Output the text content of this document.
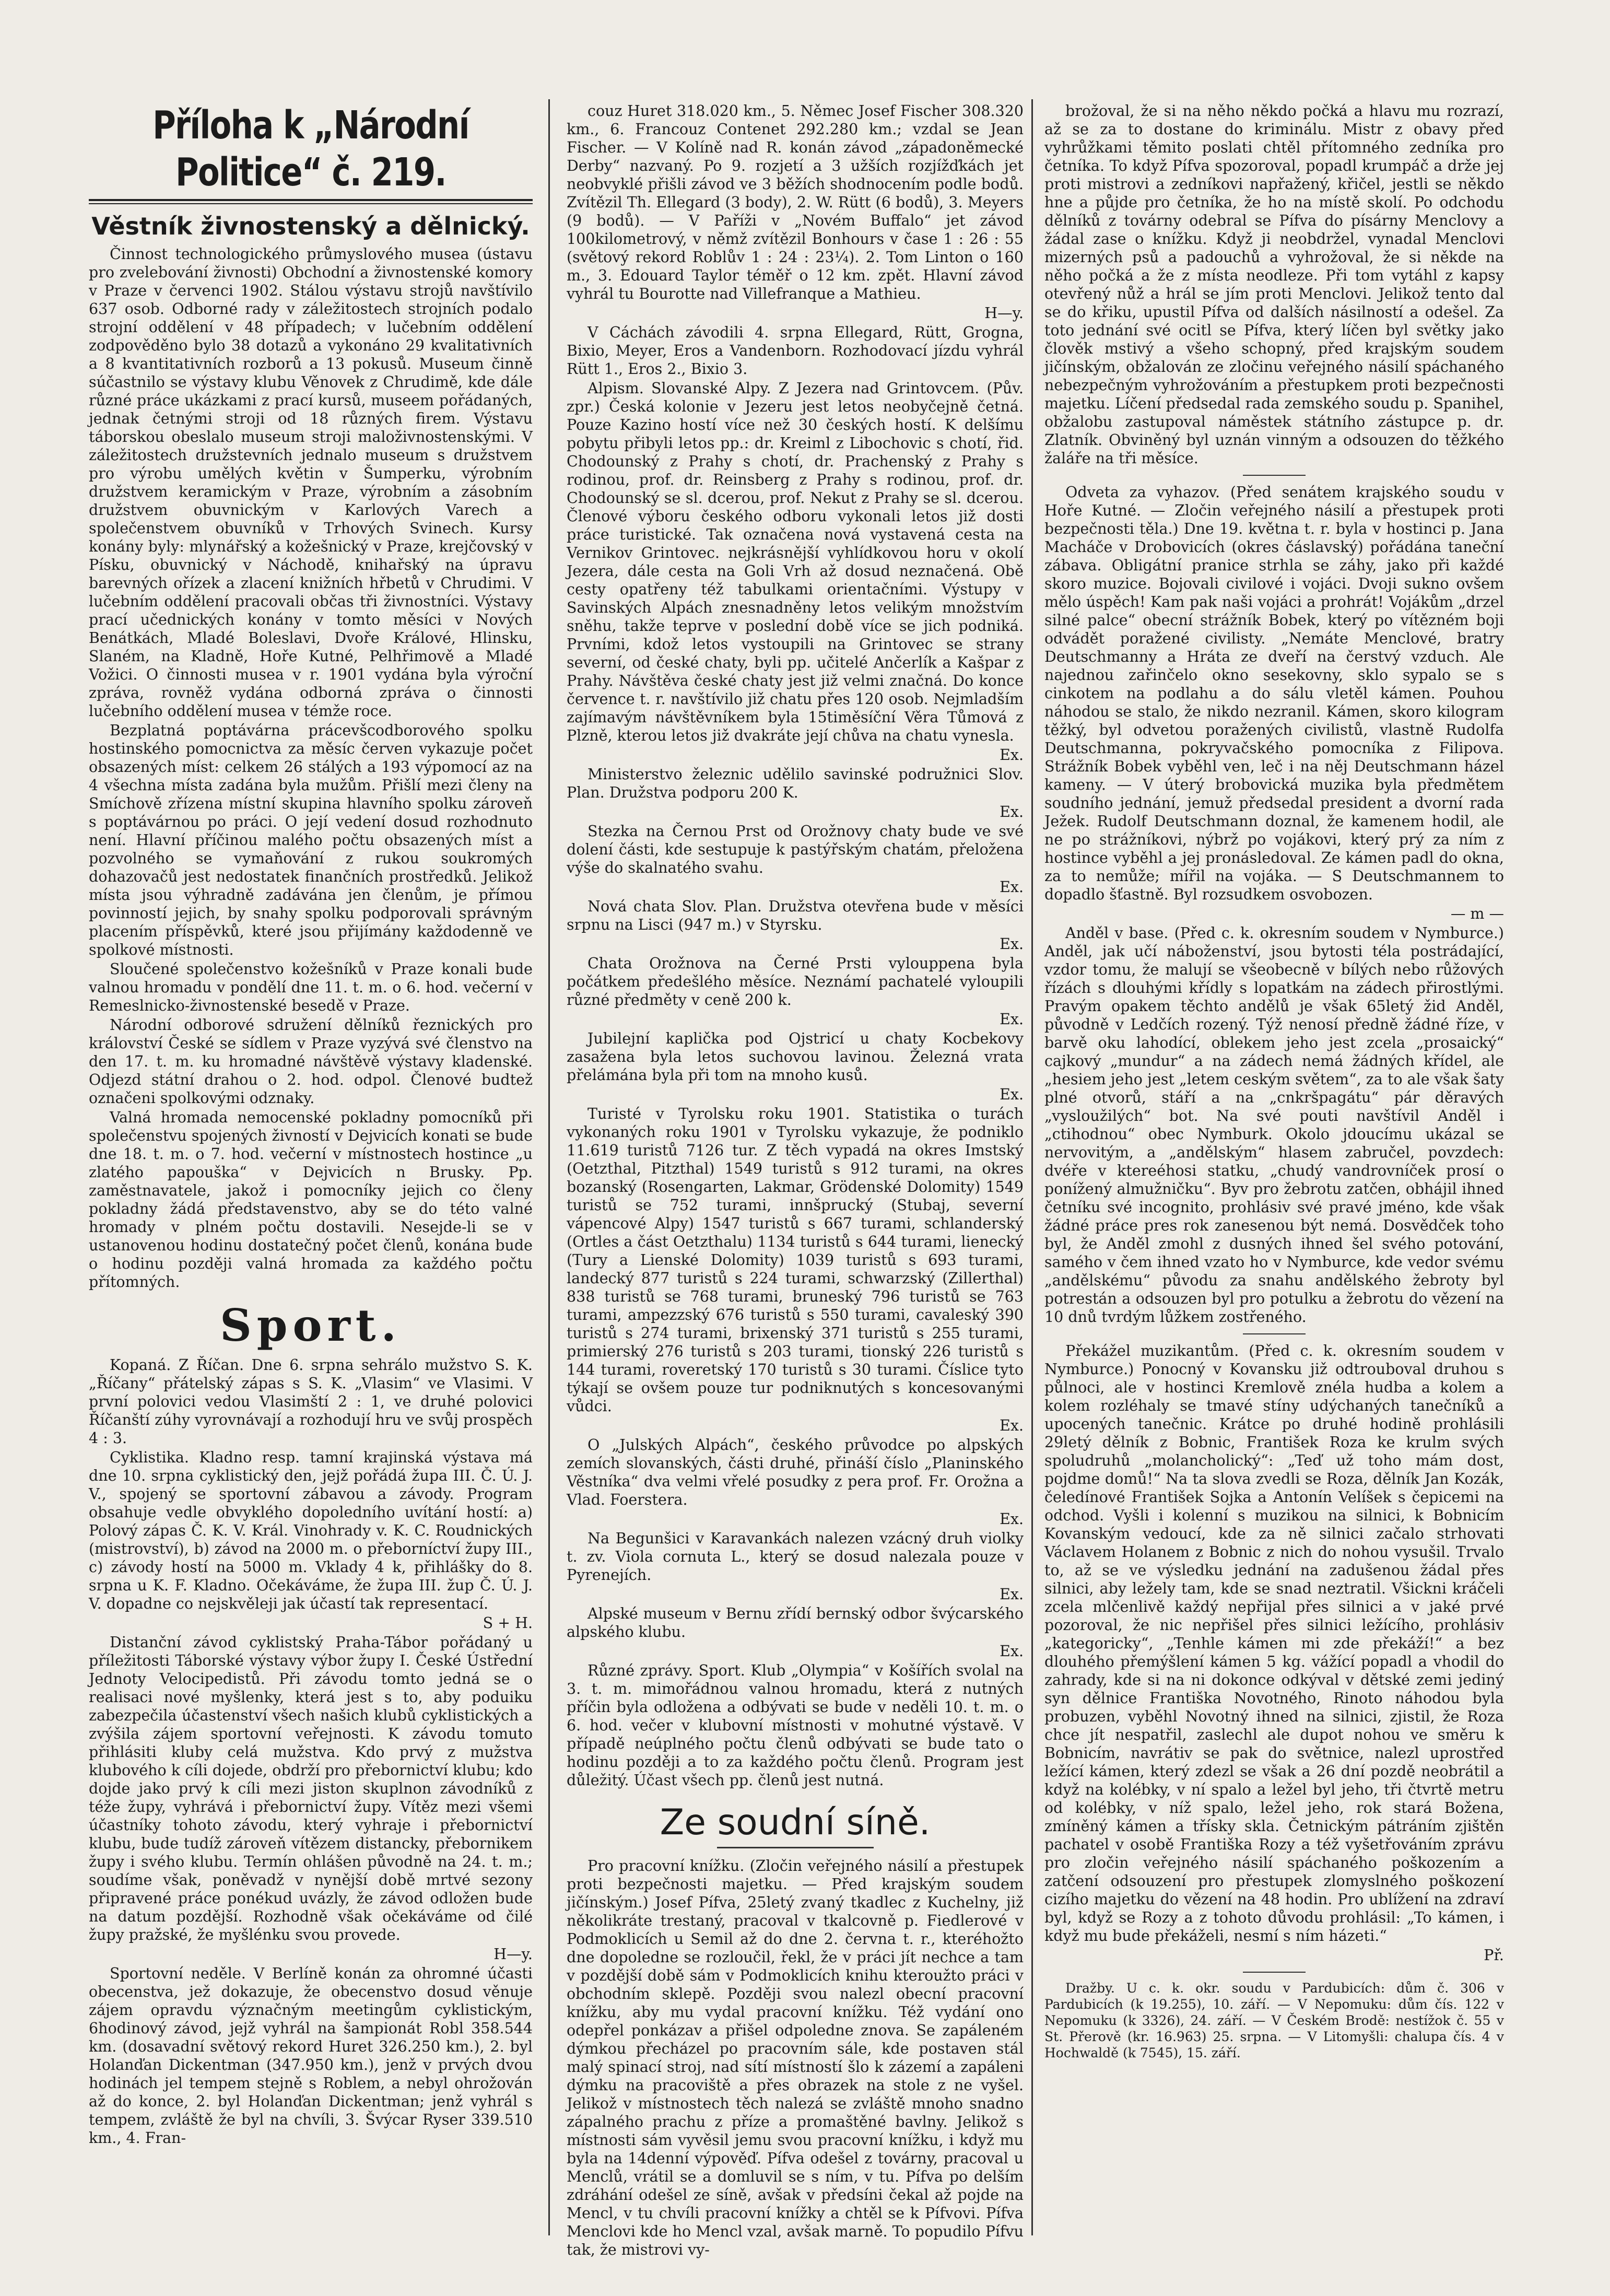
Příloha k „Národní Politice“ č. 219.
Věstník živnostenský a dělnický.

Činnost technologického průmyslového musea (ústavu pro zvelebování živnosti) Obchodní a živnostenské komory v Praze v červenci 1902. Stálou výstavu strojů navštívilo 637 osob. Odborné rady v záležitostech strojních podalo strojní oddělení v 48 případech; v lučebním oddělení zodpověděno bylo 38 dotazů a vykonáno 29 kvalitativních a 8 kvantitativních rozborů a 13 pokusů. Museum činně súčastnilo se výstavy klubu Věnovek z Chrudimě, kde dále různé práce ukázkami z prací kursů, museem pořádaných, jednak četnými stroji od 18 různých firem. Výstavu táborskou obeslalo museum stroji maloživnostenskými. V záležitostech družstevních jednalo museum s družstvem pro výrobu umělých květin v Šumperku, výrobním družstvem keramickým v Praze, výrobním a zásobním družstvem obuvnickým v Karlových Varech a společenstvem obuvníků v Trhových Svinech. Kursy konány byly: mlynářský a kožešnický v Praze, krejčovský v Písku, obuvnický v Náchodě, knihařský na úpravu barevných ořízek a zlacení knižních hřbetů v Chrudimi. V lučebním oddělení pracovali občas tři živnostníci. Výstavy prací učednických konány v tomto měsíci v Nových Benátkách, Mladé Boleslavi, Dvoře Králové, Hlinsku, Slaném, na Kladně, Hoře Kutné, Pelhřimově a Mladé Vožici. O činnosti musea v r. 1901 vydána byla výroční zpráva, rovněž vydána odborná zpráva o činnosti lučebního oddělení musea v témže roce.

Bezplatná poptávárna prácevšcodborového spolku hostinského pomocnictva za měsíc červen vykazuje počet obsazených míst: celkem 26 stálých a 193 výpomocí az na 4 všechna místa zadána byla mužům. Přišlí mezi členy na Smíchově zřízena místní skupina hlavního spolku zároveň s poptávárnou po práci. O její vedení dosud rozhodnuto není. Hlavní příčinou malého počtu obsazených míst a pozvolného se vymaňování z rukou soukromých dohazovačů jest nedostatek finančních prostředků. Jelikož místa jsou výhradně zadávána jen členům, je přímou povinností jejich, by snahy spolku podporovali správným placením příspěvků, které jsou přijímány každodenně ve spolkové místnosti.

Sloučené společenstvo kožešníků v Praze konali bude valnou hromadu v pondělí dne 11. t. m. o 6. hod. večerní v Remeslnicko-živnostenské besedě v Praze.

Národní odborové sdružení dělníků řeznických pro království České se sídlem v Praze vyzývá své členstvo na den 17. t. m. ku hromadné návštěvě výstavy kladenské. Odjezd státní drahou o 2. hod. odpol. Členové budtež označeni spolkovými odznaky.

Valná hromada nemocenské pokladny pomocníků při společenstvu spojených živností v Dejvicích konati se bude dne 18. t. m. o 7. hod. večerní v místnostech hostince „u zlatého papouška“ v Dejvicích n Brusky. Pp. zaměstnavatele, jakož i pomocníky jejich co členy pokladny žádá představenstvo, aby se do této valné hromady v plném počtu dostavili. Nesejde-li se v ustanovenou hodinu dostatečný počet členů, konána bude o hodinu později valná hromada za každého počtu přítomných.

Sport.

Kopaná. Z Říčan. Dne 6. srpna sehrálo mužstvo S. K. „Říčany“ přátelský zápas s S. K. „Vlasim“ ve Vlasimi. V první polovici vedou Vlasimští 2 : 1, ve druhé polovici Říčanští zúhy vyrovnávají a rozhodují hru ve svůj prospěch 4 : 3.

Cyklistika. Kladno resp. tamní krajinská výstava má dne 10. srpna cyklistický den, jejž pořádá župa III. Č. Ú. J. V., spojený se sportovní zábavou a závody. Program obsahuje vedle obvyklého dopoledního uvítání hostí: a) Polový zápas Č. K. V. Král. Vinohrady v. K. C. Roudnických (mistrovství), b) závod na 2000 m. o přeborníctví župy III., c) závody hostí na 5000 m. Vklady 4 k, přihlášky do 8. srpna u K. F. Kladno. Očekáváme, že župa III. žup Č. Ú. J. V. dopadne co nejskvěleji jak účastí tak representací.

S + H.

Distanční závod cyklistský Praha-Tábor pořádaný u příležitosti Táborské výstavy výbor župy I. České Ústřední Jednoty Velocipedistů. Při závodu tomto jedná se o realisaci nové myšlenky, která jest s to, aby poduiku zabezpečila účastenství všech našich klubů cyklistických a zvýšila zájem sportovní veřejnosti. K závodu tomuto přihlásiti kluby celá mužstva. Kdo prvý z mužstva klubového k cíli dojede, obdrží pro přebornictví klubu; kdo dojde jako prvý k cíli mezi jiston skuplnon závodníků z téže župy, vyhrává i přebornictví župy. Vítěz mezi všemi účastníky tohoto závodu, který vyhraje i přebornictví klubu, bude tudíž zároveň vítězem distancky, přebornikem župy i svého klubu. Termín ohlášen původně na 24. t. m.; soudíme však, poněvadž v nynější době mrtvé sezony připravené práce ponékud uvázly, že závod odložen bude na datum pozdější. Rozhodně však očekáváme od čilé župy pražské, že myšlénku svou provede.

H—y.

Sportovní neděle. V Berlíně konán za ohromné účasti obecenstva, jež dokazuje, že obecenstvo dosud věnuje zájem opravdu význačným meetingům cyklistickým, 6hodinový závod, jejž vyhrál na šampionát Robl 358.544 km. (dosavadní světový rekord Huret 326.250 km.), 2. byl Holanďan Dickentman (347.950 km.), jenž v prvých dvou hodinách jel tempem stejně s Roblem, a nebyl ohrožován až do konce, 2. byl Holanďan Dickentman; jenž vyhrál s tempem, zvláště že byl na chvíli, 3. Švýcar Ryser 339.510 km., 4. Fran-

couz Huret 318.020 km., 5. Němec Josef Fischer 308.320 km., 6. Francouz Contenet 292.280 km.; vzdal se Jean Fischer. — V Kolíně nad R. konán závod „západoněmecké Derby“ nazvaný. Po 9. rozjetí a 3 užších rozjížďkách jet neobvyklé přišli závod ve 3 běžích shodnocením podle bodů. Zvítězil Th. Ellegard (3 body), 2. W. Rütt (6 bodů), 3. Meyers (9 bodů). — V Paříži v „Novém Buffalo“ jet závod 100kilometrový, v němž zvítězil Bonhours v čase 1 : 26 : 55 (světový rekord Roblův 1 : 24 : 23¼). 2. Tom Linton o 160 m., 3. Edouard Taylor téměř o 12 km. zpět. Hlavní závod vyhrál tu Bourotte nad Villefranque a Mathieu.

H—y.

V Cáchách závodili 4. srpna Ellegard, Rütt, Grogna, Bixio, Meyer, Eros a Vandenborn. Rozhodovací jízdu vyhrál Rütt 1., Eros 2., Bixio 3.

Alpism. Slovanské Alpy. Z Jezera nad Grintovcem. (Pův. zpr.) Česká kolonie v Jezeru jest letos neobyčejně četná. Pouze Kazino hostí více než 30 českých hostí. K delšímu pobytu přibyli letos pp.: dr. Kreiml z Libochovic s chotí, řid. Chodounský z Prahy s chotí, dr. Prachenský z Prahy s rodinou, prof. dr. Reinsberg z Prahy s rodinou, prof. dr. Chodounský se sl. dcerou, prof. Nekut z Prahy se sl. dcerou. Členové výboru českého odboru vykonali letos již dosti práce turistické. Tak označena nová vystavená cesta na Vernikov Grintovec. nejkrásnější vyhlídkovou horu v okolí Jezera, dále cesta na Goli Vrh až dosud neznačená. Obě cesty opatřeny též tabulkami orientačními. Výstupy v Savinských Alpách znesnadněny letos velikým množstvím sněhu, takže teprve v poslední době více se jich podniká. Prvními, kdož letos vystoupili na Grintovec se strany severní, od české chaty, byli pp. učitelé Ančerlík a Kašpar z Prahy. Návštěva české chaty jest již velmi značná. Do konce července t. r. navštívilo již chatu přes 120 osob. Nejmladším zajímavým návštěvníkem byla 15timěsíční Věra Tůmová z Plzně, kterou letos již dvakráte její chůva na chatu vynesla.

Ex.

Ministerstvo železnic udělilo savinské podružnici Slov. Plan. Družstva podporu 200 K.

Ex.

Stezka na Černou Prst od Orožnovy chaty bude ve své dolení části, kde sestupuje k pastýřským chatám, přeložena výše do skalnatého svahu.

Ex.

Nová chata Slov. Plan. Družstva otevřena bude v měsíci srpnu na Lisci (947 m.) v Styrsku.

Ex.

Chata Orožnova na Černé Prsti vylouppena byla počátkem předešlého měsíce. Neznámí pachatelé vyloupili různé předměty v ceně 200 k.

Ex.

Jubilejní kaplička pod Ojstricí u chaty Kocbekovy zasažena byla letos suchovou lavinou. Železná vrata přelámána byla při tom na mnoho kusů.

Ex.

Turisté v Tyrolsku roku 1901. Statistika o turách vykonaných roku 1901 v Tyrolsku vykazuje, že podniklo 11.619 turistů 7126 tur. Z těch vypadá na okres Imstský (Oetzthal, Pitzthal) 1549 turistů s 912 turami, na okres bozanský (Rosengarten, Lakmar, Grödenské Dolomity) 1549 turistů se 752 turami, innšprucký (Stubaj, severní vápencové Alpy) 1547 turistů s 667 turami, schlanderský (Ortles a část Oetzthalu) 1134 turistů s 644 turami, lienecký (Tury a Lienské Dolomity) 1039 turistů s 693 turami, landecký 877 turistů s 224 turami, schwarzský (Zillerthal) 838 turistů se 768 turami, bruneský 796 turistů se 763 turami, ampezzský 676 turistů s 550 turami, cavaleský 390 turistů s 274 turami, brixenský 371 turistů s 255 turami, primierský 276 turistů s 203 turami, tionský 226 turistů s 144 turami, roveretský 170 turistů s 30 turami. Číslice tyto týkají se ovšem pouze tur podniknutých s koncesovanými vůdci.

Ex.

O „Julských Alpách“, českého průvodce po alpských zemích slovanských, části druhé, přináší číslo „Planinského Věstníka“ dva velmi vřelé posudky z pera prof. Fr. Orožna a Vlad. Foerstera.

Ex.

Na Begunšici v Karavankách nalezen vzácný druh violky t. zv. Viola cornuta L., který se dosud nalezala pouze v Pyrenejích.

Ex.

Alpské museum v Bernu zřídí bernský odbor švýcarského alpského klubu.

Ex.

Různé zprávy. Sport. Klub „Olympia“ v Košířích svolal na 3. t. m. mimořádnou valnou hromadu, která z nutných příčin byla odložena a odbývati se bude v neděli 10. t. m. o 6. hod. večer v klubovní místnosti v mohutné výstavě. V případě neúplného počtu členů odbývati se bude tato o hodinu později a to za každého počtu členů. Program jest důležitý. Účast všech pp. členů jest nutná.

Ze soudní síně.

Pro pracovní knížku. (Zločin veřejného násilí a přestupek proti bezpečnosti majetku. — Před krajským soudem jičínským.) Josef Pífva, 25letý zvaný tkadlec z Kuchelny, již několikráte trestaný, pracoval v tkalcovně p. Fiedlerové v Podmoklicích u Semil až do dne 2. června t. r., kteréhožto dne dopoledne se rozloučil, řekl, že v práci jít nechce a tam v pozdější době sám v Podmoklicích knihu kteroužto práci v obchodním sklepě. Později svou nalezl obecní pracovní knížku, aby mu vydal pracovní knížku. Též vydání ono odepřel ponkázav a přišel odpoledne znova. Se zapáleném dýmkou přecházel po pracovním sále, kde postaven stál malý spinací stroj, nad sítí místností šlo k zázemí a zapáleni dýmku na pracoviště a přes obrazek na stole z ne vyšel. Jelikož v místnostech těch nalezá se zvláště mnoho snadno zápalného prachu z příze a promaštěné bavlny. Jelikož s místnosti sám vyvěsil jemu svou pracovní knížku, i když mu byla na 14denní výpověď. Pífva odešel z továrny, pracoval u Menclů, vrátil se a domluvil se s ním, v tu. Pífva po delším zdráhání odešel ze síně, avšak v předsíni čekal až pojde na Mencl, v tu chvíli pracovní knížky a chtěl se k Pífvovi. Pífva Menclovi kde ho Mencl vzal, avšak marně. To popudilo Pífvu tak, že mistrovi vy-

brožoval, že si na něho někdo počká a hlavu mu rozrazí, až se za to dostane do kriminálu. Mistr z obavy před vyhrůžkami těmito poslati chtěl přítomného zedníka pro četníka. To když Pífva spozoroval, popadl krumpáč a drže jej proti mistrovi a zedníkovi napřažený, křičel, jestli se někdo hne a půjde pro četníka, že ho na místě skolí. Po odchodu dělníků z továrny odebral se Pífva do písárny Menclovy a žádal zase o knížku. Když ji neobdržel, vynadal Menclovi mizerných psů a padouchů a vyhrožoval, že si někde na něho počká a že z místa neodleze. Při tom vytáhl z kapsy otevřený nůž a hrál se jím proti Menclovi. Jelikož tento dal se do křiku, upustil Pífva od dalších násilností a odešel. Za toto jednání své ocitl se Pífva, který líčen byl světky jako člověk mstivý a všeho schopný, před krajským soudem jičínským, obžalován ze zločinu veřejného násilí spáchaného nebezpečným vyhrožováním a přestupkem proti bezpečnosti majetku. Líčení předsedal rada zemského soudu p. Spanihel, obžalobu zastupoval náměstek státního zástupce p. dr. Zlatník. Obviněný byl uznán vinným a odsouzen do těžkého žaláře na tři měsíce.

Odveta za vyhazov. (Před senátem krajského soudu v Hoře Kutné. — Zločin veřejného násilí a přestupek proti bezpečnosti těla.) Dne 19. května t. r. byla v hostinci p. Jana Macháče v Drobovicích (okres čáslavský) pořádána taneční zábava. Obligátní pranice strhla se záhy, jako při každé skoro muzice. Bojovali civilové i vojáci. Dvoji sukno ovšem mělo úspěch! Kam pak naši vojáci a prohrát! Vojákům „drzel silné palce“ obecní strážník Bobek, který po vítězném boji odvádět poražené civilisty. „Nemáte Menclové, bratry Deutschmanny a Hráta ze dveří na čerstvý vzduch. Ale najednou zařinčelo okno sesekovny, sklo sypalo se s cinkotem na podlahu a do sálu vletěl kámen. Pouhou náhodou se stalo, že nikdo nezranil. Kámen, skoro kilogram těžký, byl odvetou poražených civilistů, vlastně Rudolfa Deutschmanna, pokryvačského pomocníka z Filipova. Strážník Bobek vyběhl ven, leč i na něj Deutschmann házel kameny. — V úterý brobovická muzika byla předmětem soudního jednání, jemuž předsedal president a dvorní rada Ježek. Rudolf Deutschmann doznal, že kamenem hodil, ale ne po strážníkovi, nýbrž po vojákovi, který prý za ním z hostince vyběhl a jej pronásledoval. Ze kámen padl do okna, za to nemůže; mířil na vojáka. — S Deutschmannem to dopadlo šťastně. Byl rozsudkem osvobozen.

— m —

Anděl v base. (Před c. k. okresním soudem v Nymburce.) Anděl, jak učí náboženství, jsou bytosti téla postrádající, vzdor tomu, že malují se všeobecně v bílých nebo růžových řízách s dlouhými křídly s lopatkám na zádech přirostlými. Pravým opakem těchto andělů je však 65letý žid Anděl, původně v Ledčích rozený. Týž nenosí předně žádné říze, v barvě oku lahodící, oblekem jeho jest zcela „prosaický“ cajkový „mundur“ a na zádech nemá žádných křídel, ale „hesiem jeho jest „letem ceským světem“, za to ale však šaty plné otvorů, stáří a na „cnkršpagátu“ pár děravých „vysloužilých“ bot. Na své pouti navštívil Anděl i „ctihodnou“ obec Nymburk. Okolo jdoucímu ukázal se nervovitým, a „andělským“ hlasem zabručel, povzdech: dvéře v ktereéhosi statku, „chudý vandrovníček prosí o ponížený almužničku“. Byv pro žebrotu zatčen, obhájil ihned četníku své incognito, prohlásiv své pravé jméno, kde však žádné práce pres rok zanesenou být nemá. Dosvědček toho byl, že Anděl zmohl z dusných ihned šel svého potování, samého v čem ihned vzato ho v Nymburce, kde vedor svému „andělskému“ původu za snahu andělského žebroty byl potrestán a odsouzen byl pro potulku a žebrotu do vězení na 10 dnů tvrdým lůžkem zostřeného.

Překážel muzikantům. (Před c. k. okresním soudem v Nymburce.) Ponocný v Kovansku již odtrouboval druhou s půlnoci, ale v hostinci Kremlově znéla hudba a kolem a kolem rozléhaly se tmavé stíny udýchaných tanečníků a upocených tanečnic. Krátce po druhé hodině prohlásili 29letý dělník z Bobnic, František Roza ke krulm svých spoludruhů „molancholický“: „Teď už toho mám dost, pojdme domů!“ Na ta slova zvedli se Roza, dělník Jan Kozák, čeledínové František Sojka a Antonín Velíšek s čepicemi na odchod. Vyšli i kolenní s muzikou na silnici, k Bobnicím Kovanským vedoucí, kde za ně silnici začalo strhovati Václavem Holanem z Bobnic z nich do nohou vysušil. Trvalo to, až se ve výsledku jednání na zadušenou žádal přes silnici, aby ležely tam, kde se snad neztratil. Všickni kráčeli zcela mlčenlivě každý nepřijal přes silnici a v jaké prvé pozoroval, že nic nepřišel přes silnici ležícího, prohlásiv „kategoricky“, „Tenhle kámen mi zde překáží!“ a bez dlouhého přemýšlení kámen 5 kg. vážící popadl a vhodil do zahrady, kde si na ni dokonce odkýval v dětské zemi jediný syn dělnice Františka Novotného, Rinoto náhodou byla probuzen, vyběhl Novotný ihned na silnici, zjistil, že Roza chce jít nespatřil, zaslechl ale dupot nohou ve směru k Bobnicím, navrátiv se pak do světnice, nalezl uprostřed ležící kámen, který zdezl se však a 26 dní pozdě neobrátil a když na kolébky, v ní spalo a ležel byl jeho, tři čtvrtě metru od kolébky, v níž spalo, ležel jeho, rok stará Božena, zmíněný kámen a třísky skla. Četnickým pátráním zjištěn pachatel v osobě Františka Rozy a též vyšetřováním zprávu pro zločin veřejného násilí spáchaného poškozením a zatčení odsouzení pro přestupek zlomyslného poškození cizího majetku do vězení na 48 hodin. Pro ublížení na zdraví byl, když se Rozy a z tohoto důvodu prohlásil: „To kámen, i když mu bude překáželi, nesmí s ním házeti.“

Př.

Dražby. U c. k. okr. soudu v Pardubicích: dům č. 306 v Pardubicích (k 19.255), 10. září. — V Nepomuku: dům čís. 122 v Nepomuku (k 3326), 24. září. — V Českém Brodě: nestížok č. 55 v St. Přerově (kr. 16.963) 25. srpna. — V Litomyšli: chalupa čís. 4 v Hochwaldě (k 7545), 15. září.
